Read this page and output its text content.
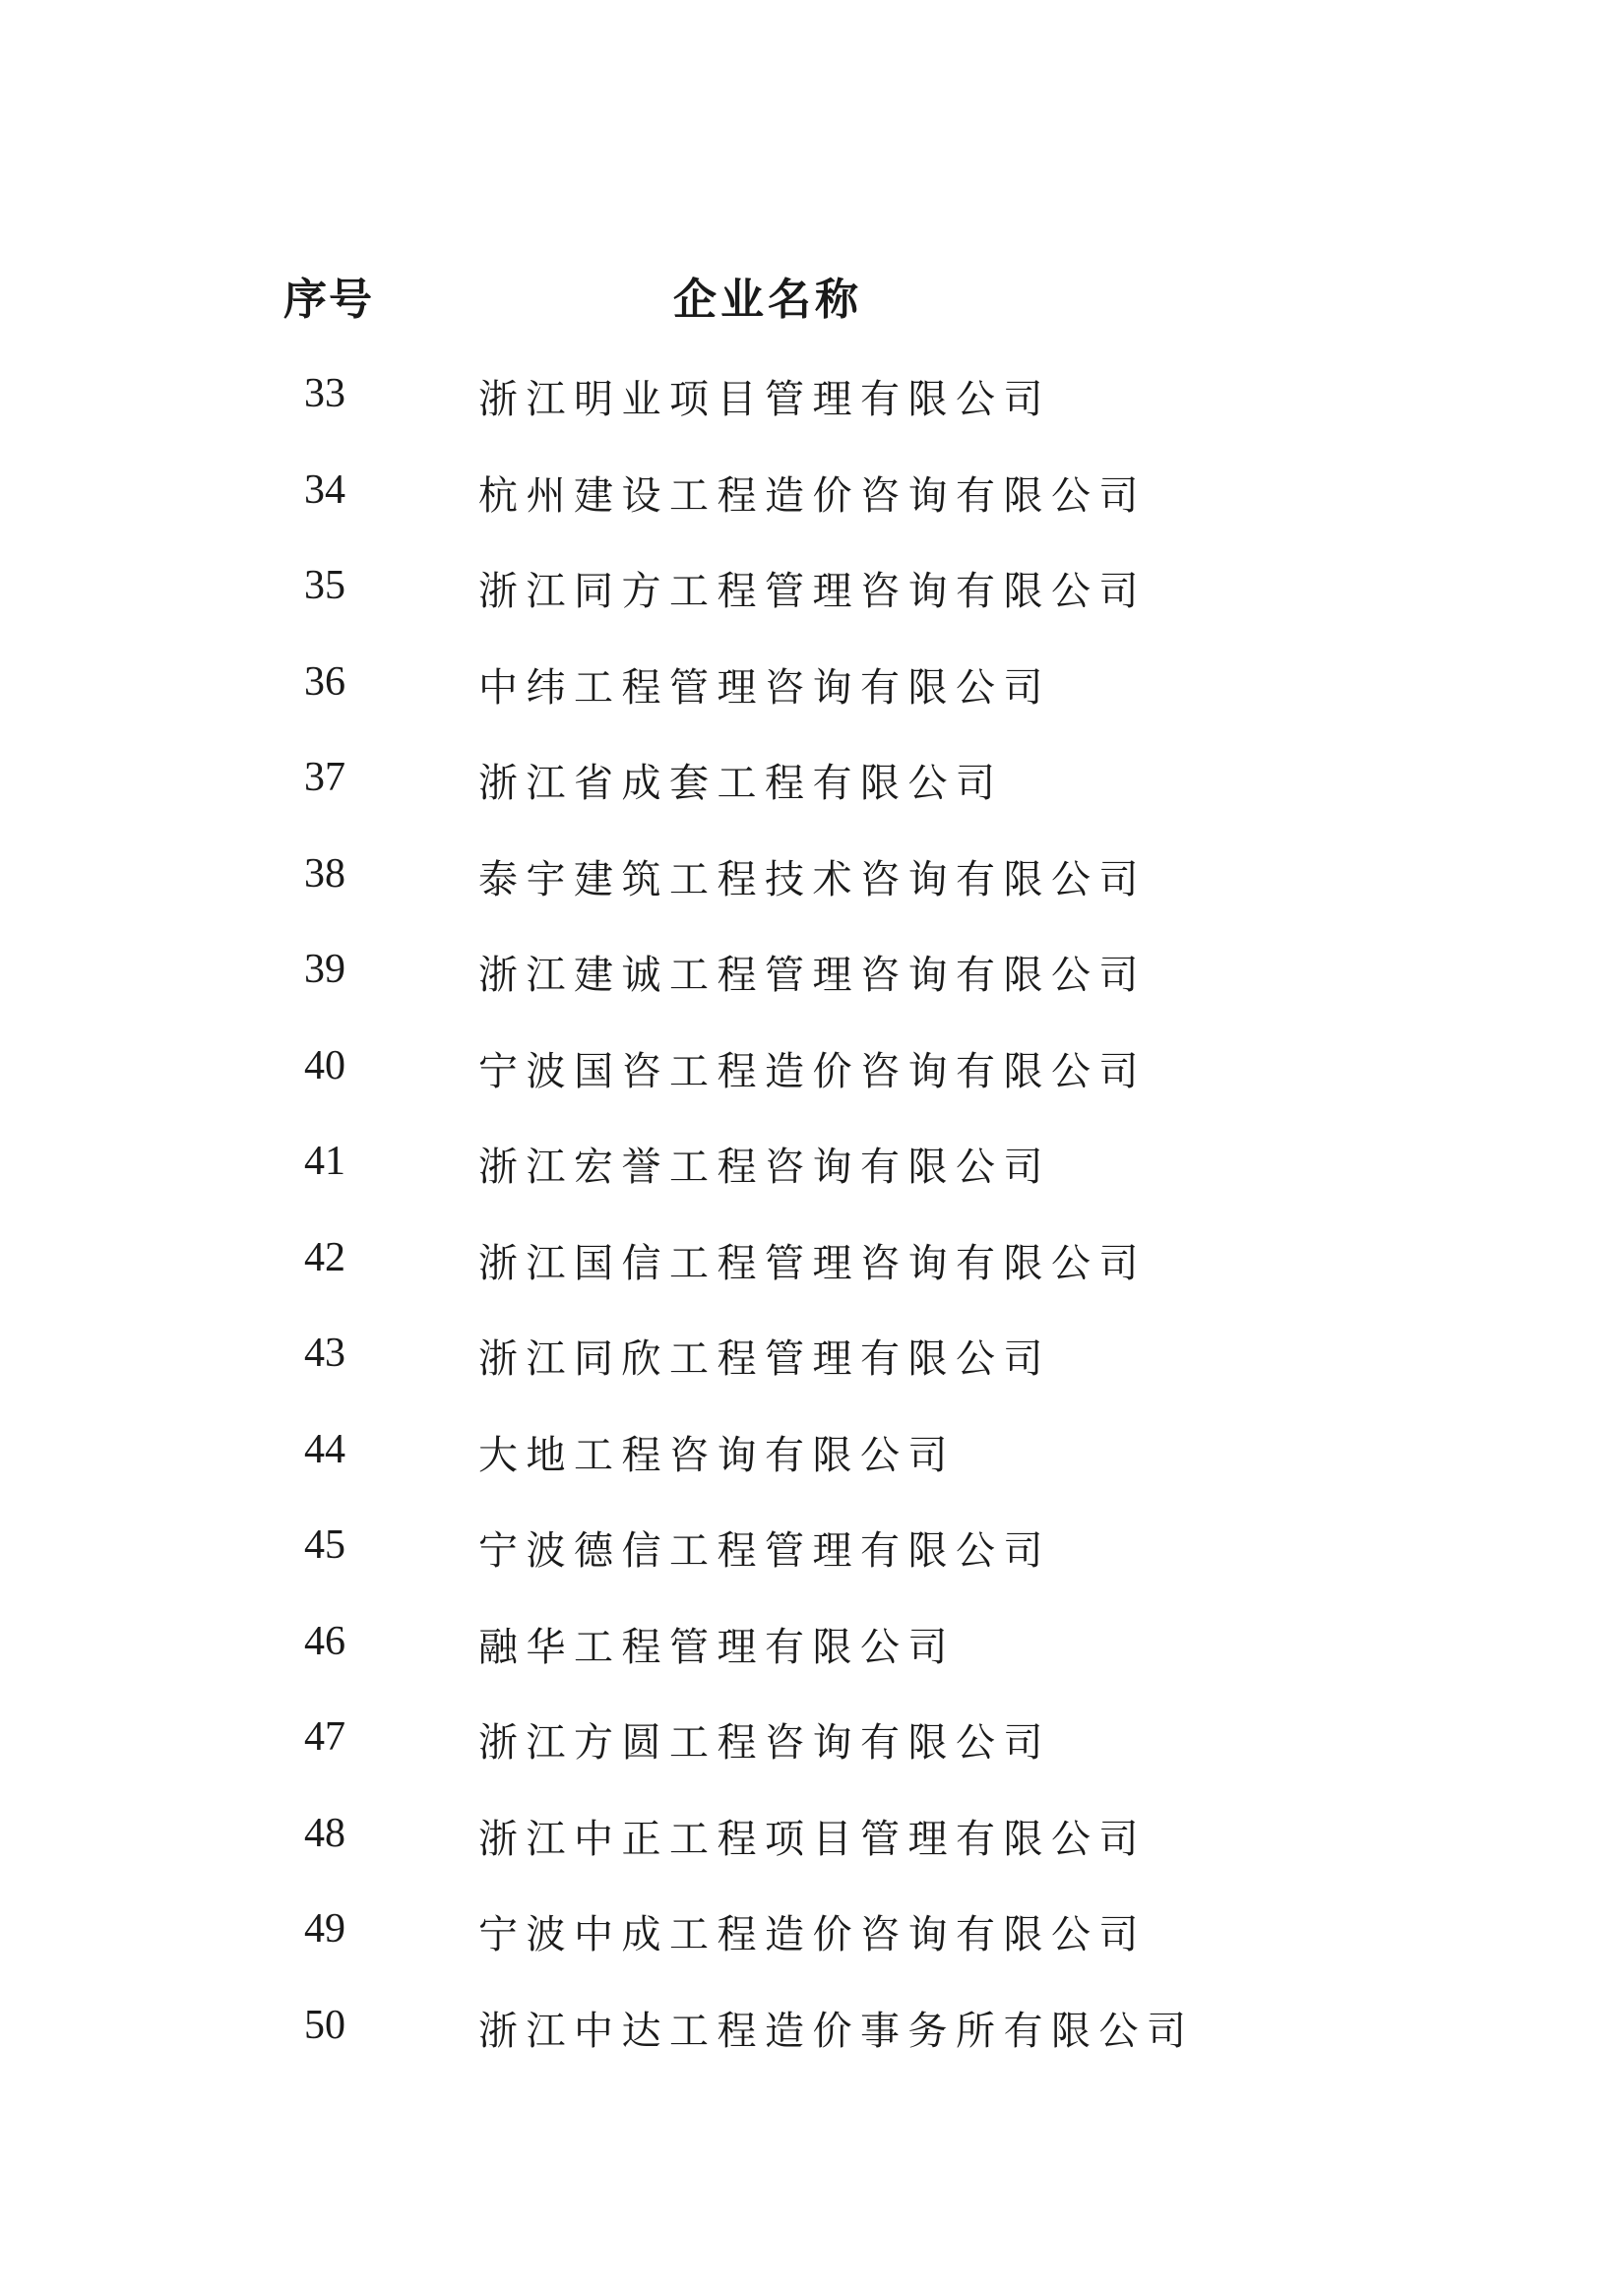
序号	企业名称
33	浙江明业项目管理有限公司
34	杭州建设工程造价咨询有限公司
35	浙江同方工程管理咨询有限公司
36	中纬工程管理咨询有限公司
37	浙江省成套工程有限公司
38	泰宇建筑工程技术咨询有限公司
39	浙江建诚工程管理咨询有限公司
40	宁波国咨工程造价咨询有限公司
41	浙江宏誉工程咨询有限公司
42	浙江国信工程管理咨询有限公司
43	浙江同欣工程管理有限公司
44	大地工程咨询有限公司
45	宁波德信工程管理有限公司
46	融华工程管理有限公司
47	浙江方圆工程咨询有限公司
48	浙江中正工程项目管理有限公司
49	宁波中成工程造价咨询有限公司
50	浙江中达工程造价事务所有限公司
